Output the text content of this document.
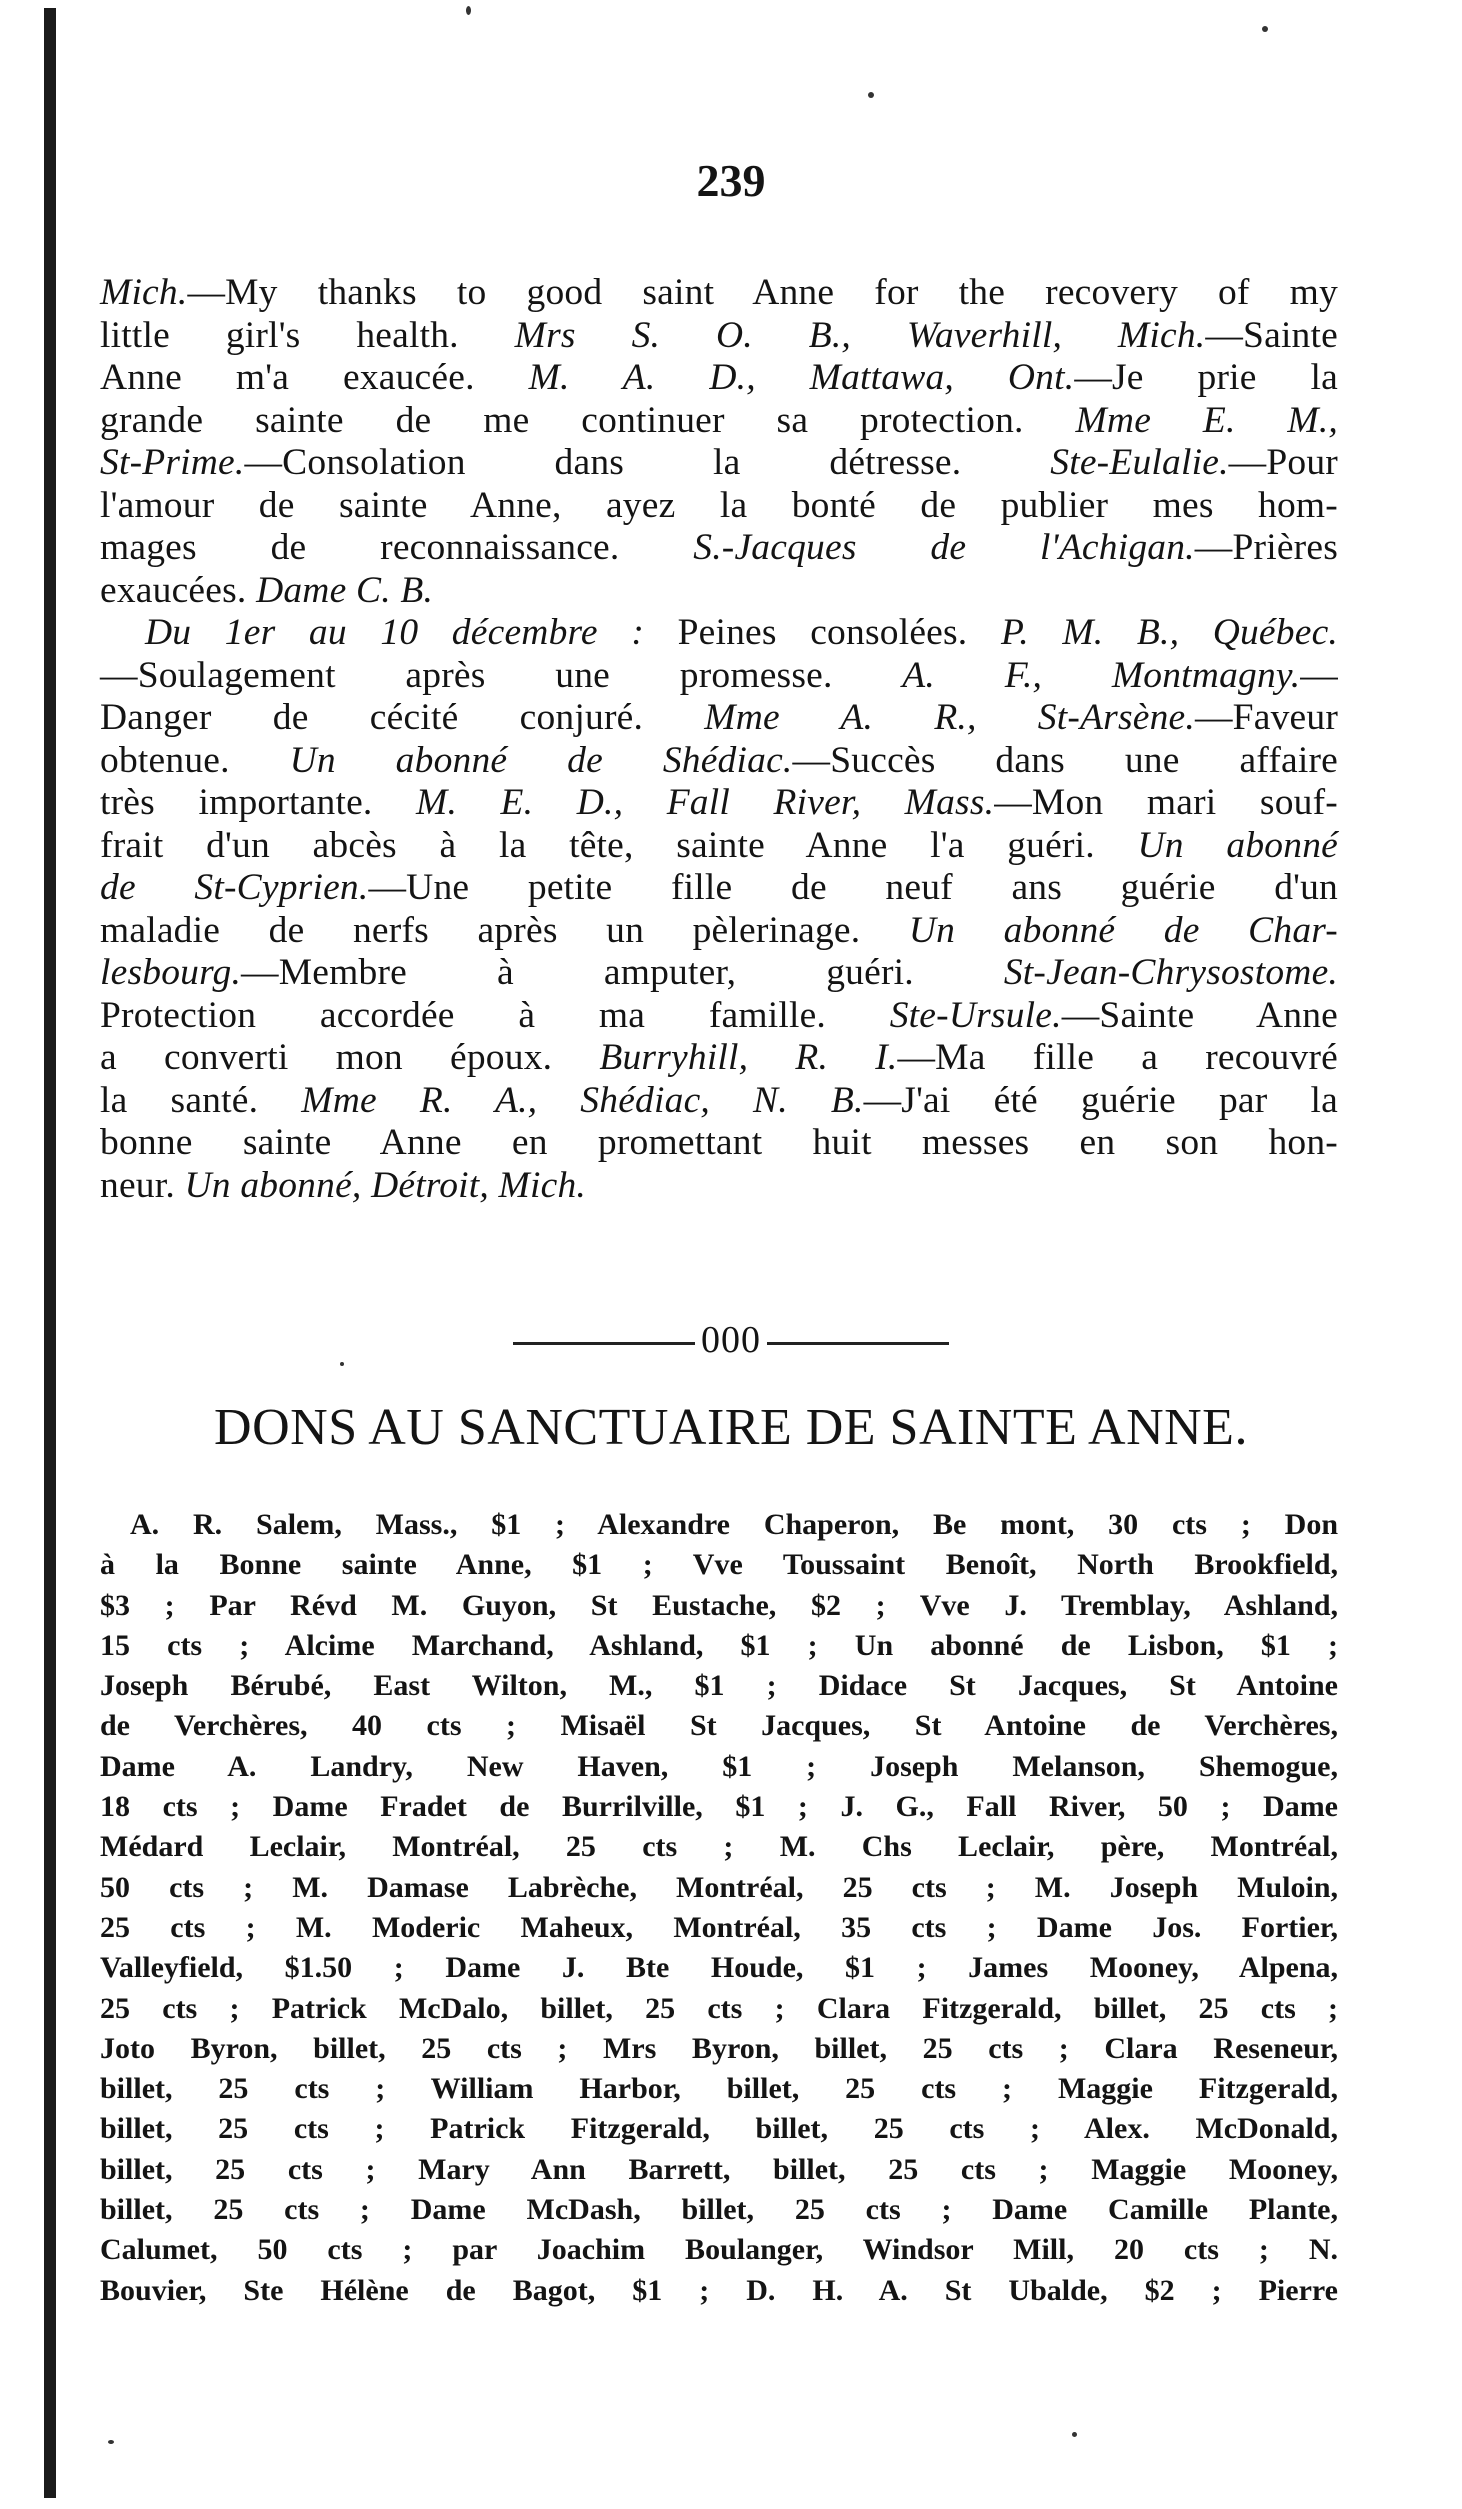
239
Mich.—My thanks to good saint Anne for the recovery of my
little girl's health. Mrs S. O. B., Waverhill, Mich.—Sainte
Anne m'a exaucée. M. A. D., Mattawa, Ont.—Je prie la
grande sainte de me continuer sa protection. Mme E. M.,
St-Prime.—Consolation dans la détresse. Ste-Eulalie.—Pour
l'amour de sainte Anne, ayez la bonté de publier mes hom-
mages de reconnaissance. S.-Jacques de l'Achigan.—Prières
exaucées. Dame C. B.
Du 1er au 10 décembre : Peines consolées. P. M. B., Québec.
—Soulagement après une promesse. A. F., Montmagny.—
Danger de cécité conjuré. Mme A. R., St-Arsène.—Faveur
obtenue. Un abonné de Shédiac.—Succès dans une affaire
très importante. M. E. D., Fall River, Mass.—Mon mari souf-
frait d'un abcès à la tête, sainte Anne l'a guéri. Un abonné
de St-Cyprien.—Une petite fille de neuf ans guérie d'un
maladie de nerfs après un pèlerinage. Un abonné de Char-
lesbourg.—Membre à amputer, guéri. St-Jean-Chrysostome.
Protection accordée à ma famille. Ste-Ursule.—Sainte Anne
a converti mon époux. Burryhill, R. I.—Ma fille a recouvré
la santé. Mme R. A., Shédiac, N. B.—J'ai été guérie par la
bonne sainte Anne en promettant huit messes en son hon-
neur. Un abonné, Détroit, Mich.
000
DONS AU SANCTUAIRE DE SAINTE ANNE.
A. R. Salem, Mass., $1 ; Alexandre Chaperon, Be mont, 30 cts ; Don
à la Bonne sainte Anne, $1 ; Vve Toussaint Benoît, North Brookfield,
$3 ; Par Révd M. Guyon, St Eustache, $2 ; Vve J. Tremblay, Ashland,
15 cts ; Alcime Marchand, Ashland, $1 ; Un abonné de Lisbon, $1 ;
Joseph Bérubé, East Wilton, M., $1 ; Didace St Jacques, St Antoine
de Verchères, 40 cts ; Misaël St Jacques, St Antoine de Verchères,
Dame A. Landry, New Haven, $1 ; Joseph Melanson, Shemogue,
18 cts ; Dame Fradet de Burrilville, $1 ; J. G., Fall River, 50 ; Dame
Médard Leclair, Montréal, 25 cts ; M. Chs Leclair, père, Montréal,
50 cts ; M. Damase Labrèche, Montréal, 25 cts ; M. Joseph Muloin,
25 cts ; M. Moderic Maheux, Montréal, 35 cts ; Dame Jos. Fortier,
Valleyfield, $1.50 ; Dame J. Bte Houde, $1 ; James Mooney, Alpena,
25 cts ; Patrick McDalo, billet, 25 cts ; Clara Fitzgerald, billet, 25 cts ;
Joto Byron, billet, 25 cts ; Mrs Byron, billet, 25 cts ; Clara Reseneur,
billet, 25 cts ; William Harbor, billet, 25 cts ; Maggie Fitzgerald,
billet, 25 cts ; Patrick Fitzgerald, billet, 25 cts ; Alex. McDonald,
billet, 25 cts ; Mary Ann Barrett, billet, 25 cts ; Maggie Mooney,
billet, 25 cts ; Dame McDash, billet, 25 cts ; Dame Camille Plante,
Calumet, 50 cts ; par Joachim Boulanger, Windsor Mill, 20 cts ; N.
Bouvier, Ste Hélène de Bagot, $1 ; D. H. A. St Ubalde, $2 ; Pierre
